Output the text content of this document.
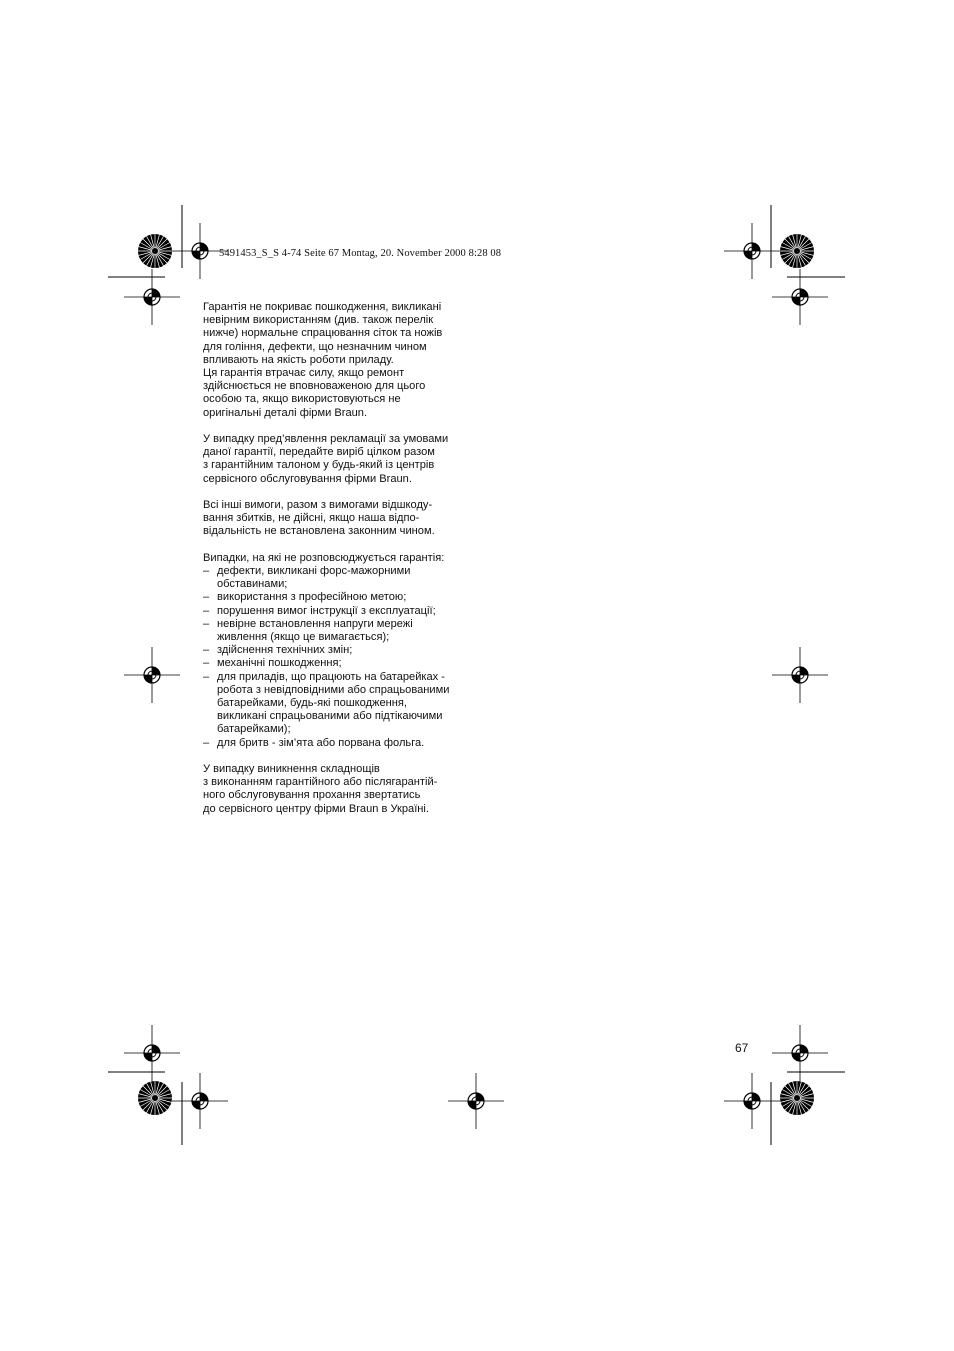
5491453_S_S 4-74 Seite 67 Montag, 20. November 2000 8:28 08

Гарантія не покриває пошкодження, викликані
невірним використанням (див. також перелік
нижче) нормальне спрацювання сіток та ножів
для гоління, дефекти, що незначним чином
впливають на якість роботи приладу.
Ця гарантія втрачає силу, якщо ремонт
здійснюється не вповноваженою для цього
особою та, якщо використовуються не
оригінальні деталі фірми Braun.

У випадку пред’явлення рекламації за умовами
даної гарантії, передайте виріб цілком разом
з гарантійним талоном у будь-який із центрів
сервісного обслуговування фірми Braun.

Всі інші вимоги, разом з вимогами відшкоду-
вання збитків, не дійсні, якщо наша відпо-
відальність не встановлена законним чином.

Випадки, на які не розповсюджується гарантія:
– дефекти, викликані форс-мажорними
обставинами;
– використання з професійною метою;
– порушення вимог інструкції з експлуатації;
– невірне встановлення напруги мережі
живлення (якщо це вимагається);
– здійснення технічних змін;
– механічні пошкодження;
– для приладів, що працюють на батарейках -
робота з невідповідними або спрацьованими
батарейками, будь-які пошкодження,
викликані спрацьованими або підтікаючими
батарейками);
– для бритв - зім’ята або порвана фольга.

У випадку виникнення складнощів
з виконанням гарантійного або післягарантій-
ного обслуговування прохання звертатись
до сервісного центру фірми Braun в Україні.

67
